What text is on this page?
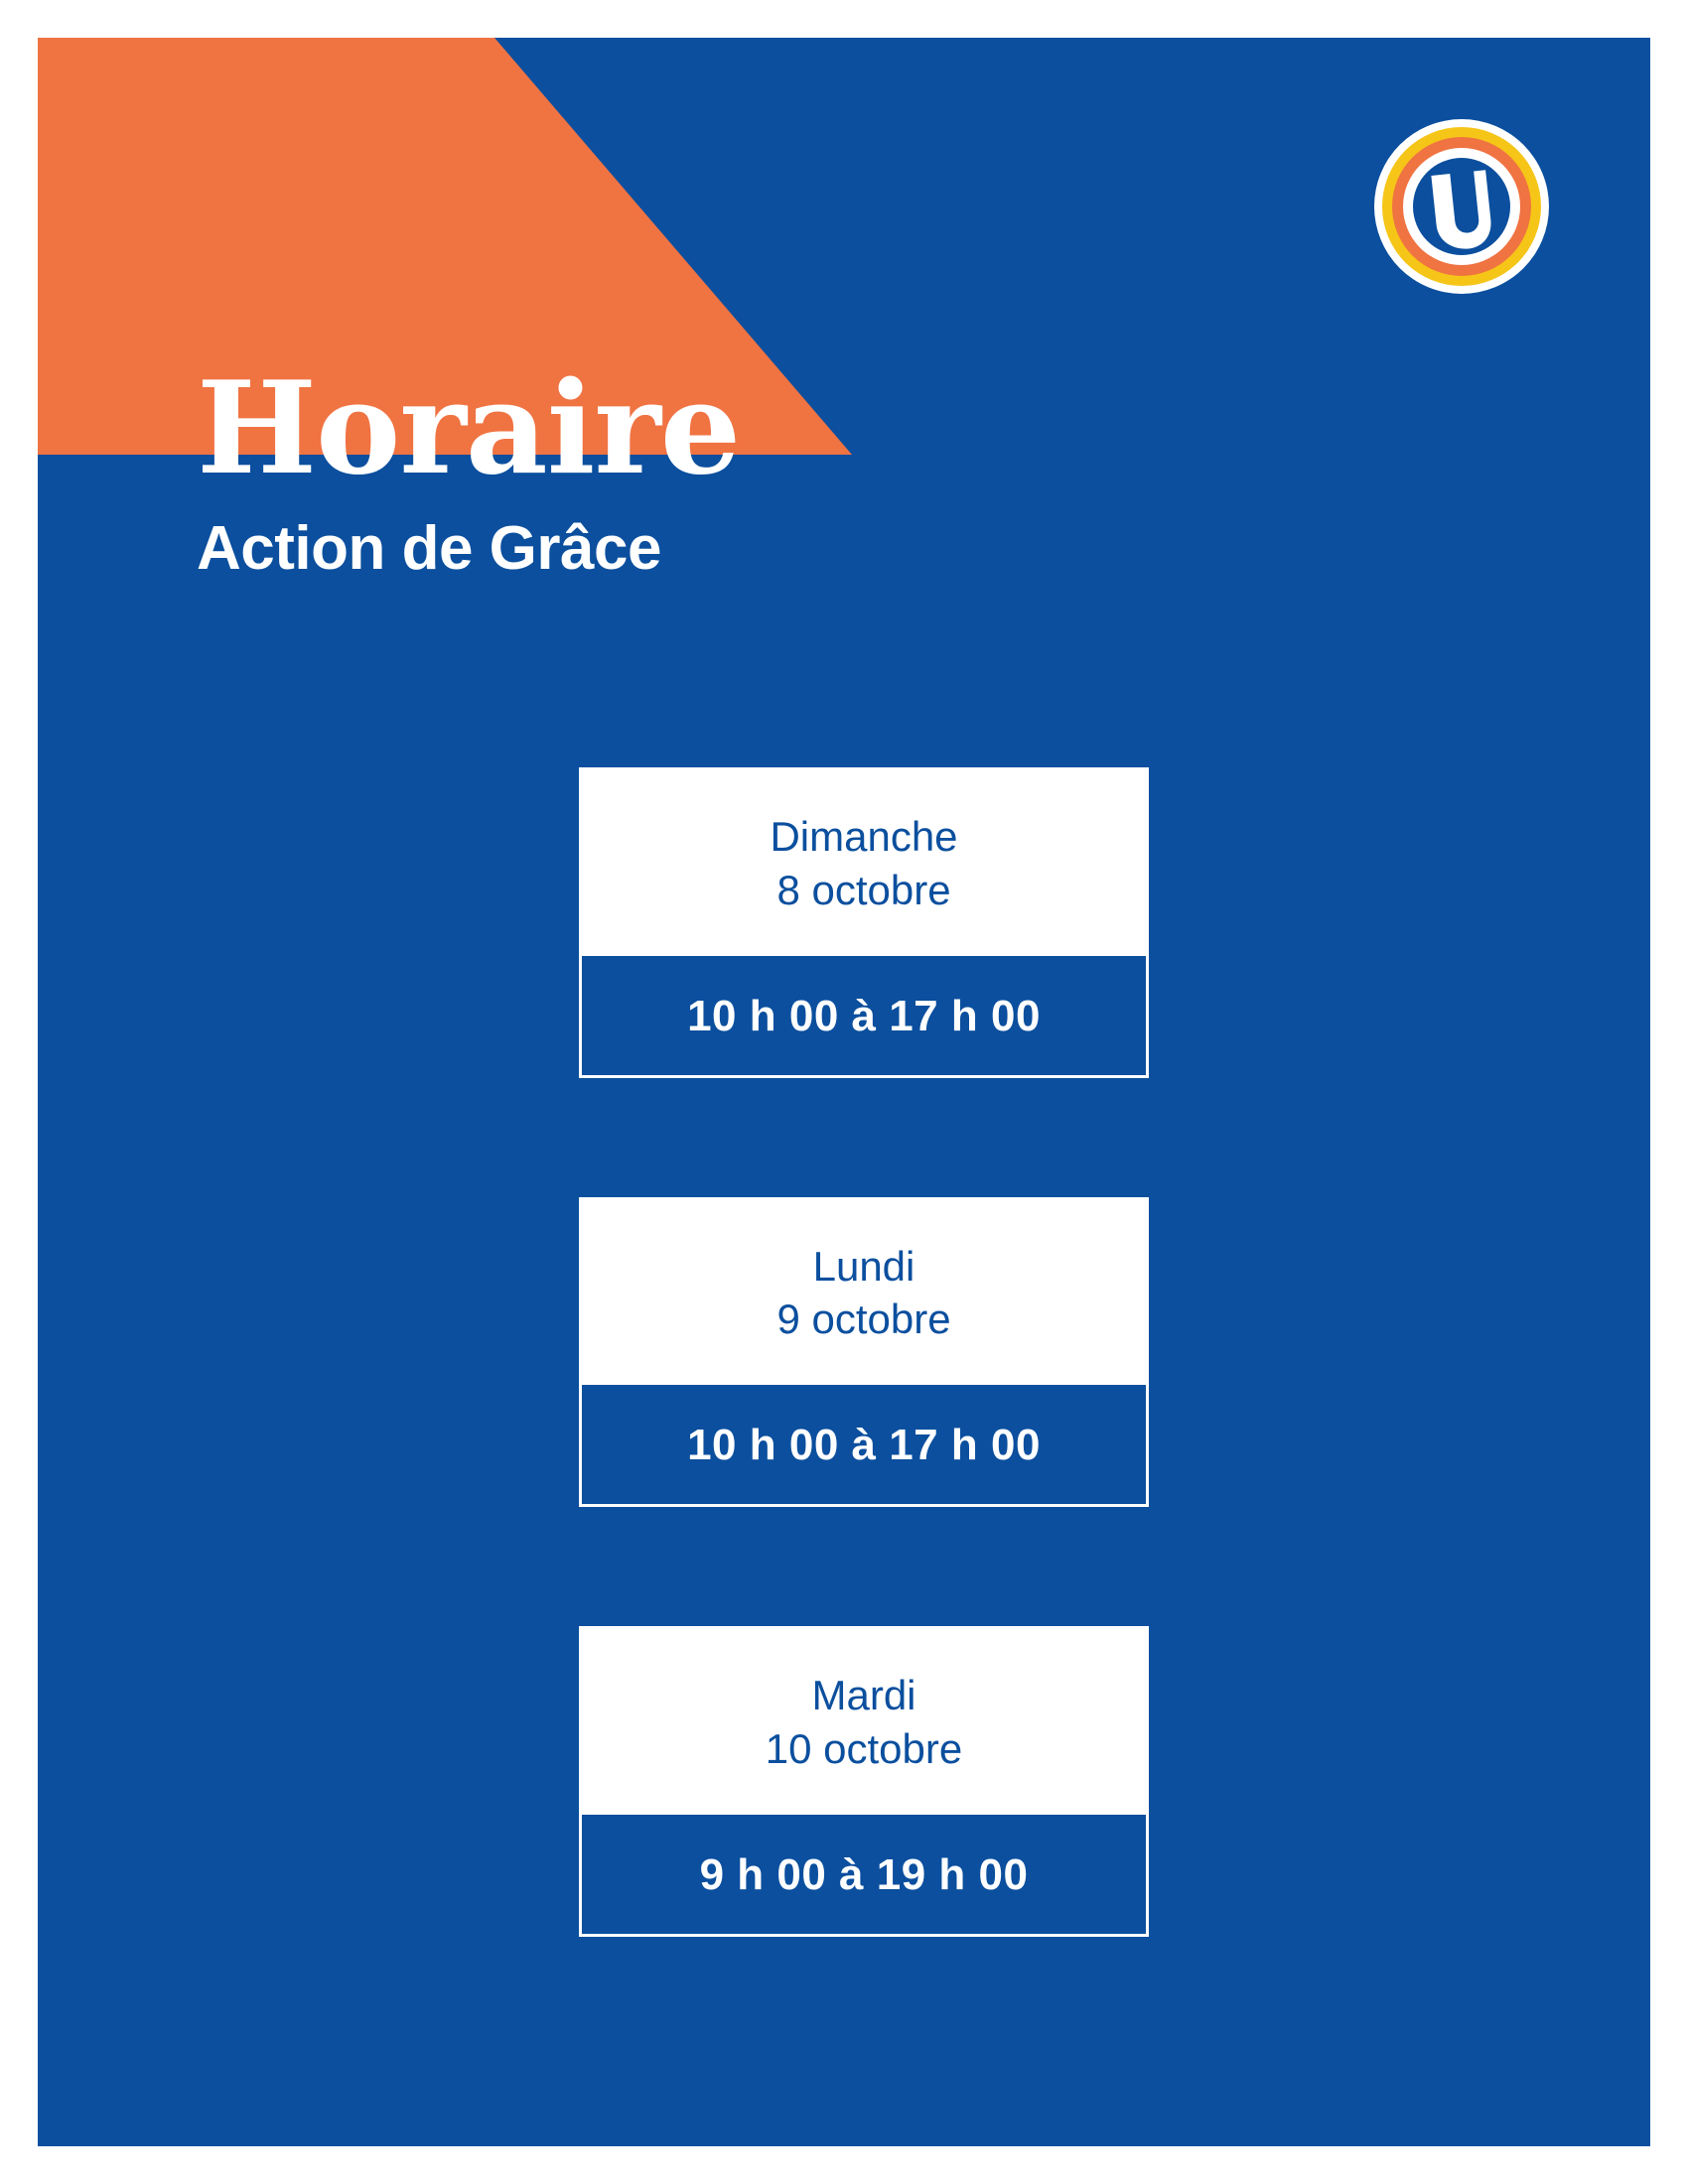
Horaire
Action de Grâce
Dimanche
8 octobre
10 h 00 à 17 h 00
Lundi
9 octobre
10 h 00 à 17 h 00
Mardi
10 octobre
9 h 00 à 19 h 00
